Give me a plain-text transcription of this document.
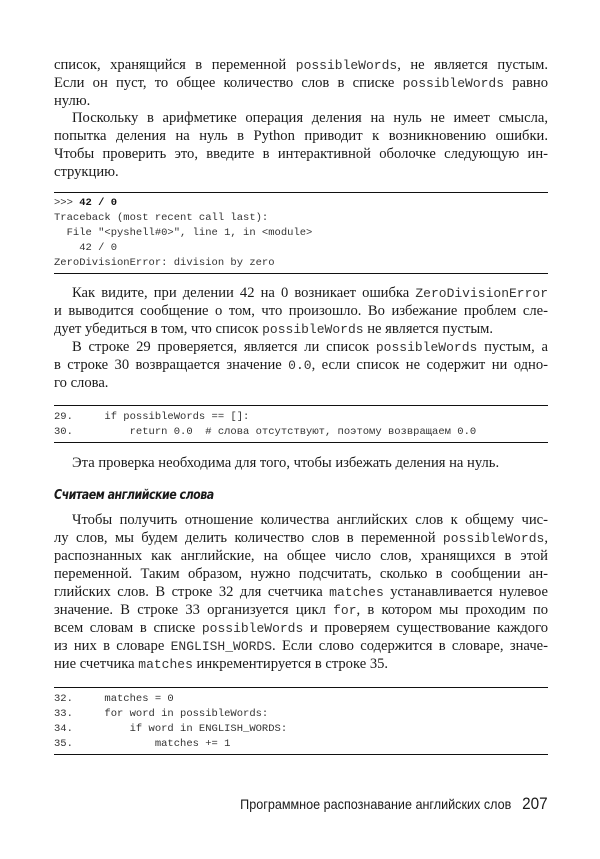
список, хранящийся в переменной possibleWords, не является пустым.
Если он пуст, то общее количество слов в списке possibleWords равно
нулю.
Поскольку в арифметике операция деления на нуль не имеет смысла,
попытка деления на нуль в Python приводит к возникновению ошибки.
Чтобы проверить это, введите в интерактивной оболочке следующую ин-
струкцию.
>>> 42 / 0
Traceback (most recent call last):
File "<pyshell#0>", line 1, in <module>
42 / 0
ZeroDivisionError: division by zero
Как видите, при делении 42 на 0 возникает ошибка ZeroDivisionError
и выводится сообщение о том, что произошло. Во избежание проблем сле-
дует убедиться в том, что список possibleWords не является пустым.
В строке 29 проверяется, является ли список possibleWords пустым, а
в строке 30 возвращается значение 0.0, если список не содержит ни одно-
го слова.
29.     if possibleWords == []:
30.         return 0.0  # слова отсутствуют, поэтому возвращаем 0.0
Эта проверка необходима для того, чтобы избежать деления на нуль.
Считаем английские слова
Чтобы получить отношение количества английских слов к общему чис-
лу слов, мы будем делить количество слов в переменной possibleWords,
распознанных как английские, на общее число слов, хранящихся в этой
переменной. Таким образом, нужно подсчитать, сколько в сообщении ан-
глийских слов. В строке 32 для счетчика matches устанавливается нулевое
значение. В строке 33 организуется цикл for, в котором мы проходим по
всем словам в списке possibleWords и проверяем существование каждого
из них в словаре ENGLISH_WORDS. Если слово содержится в словаре, значе-
ние счетчика matches инкрементируется в строке 35.
32.     matches = 0
33.     for word in possibleWords:
34.         if word in ENGLISH_WORDS:
35.             matches += 1
Программное распознавание английских слов 207
